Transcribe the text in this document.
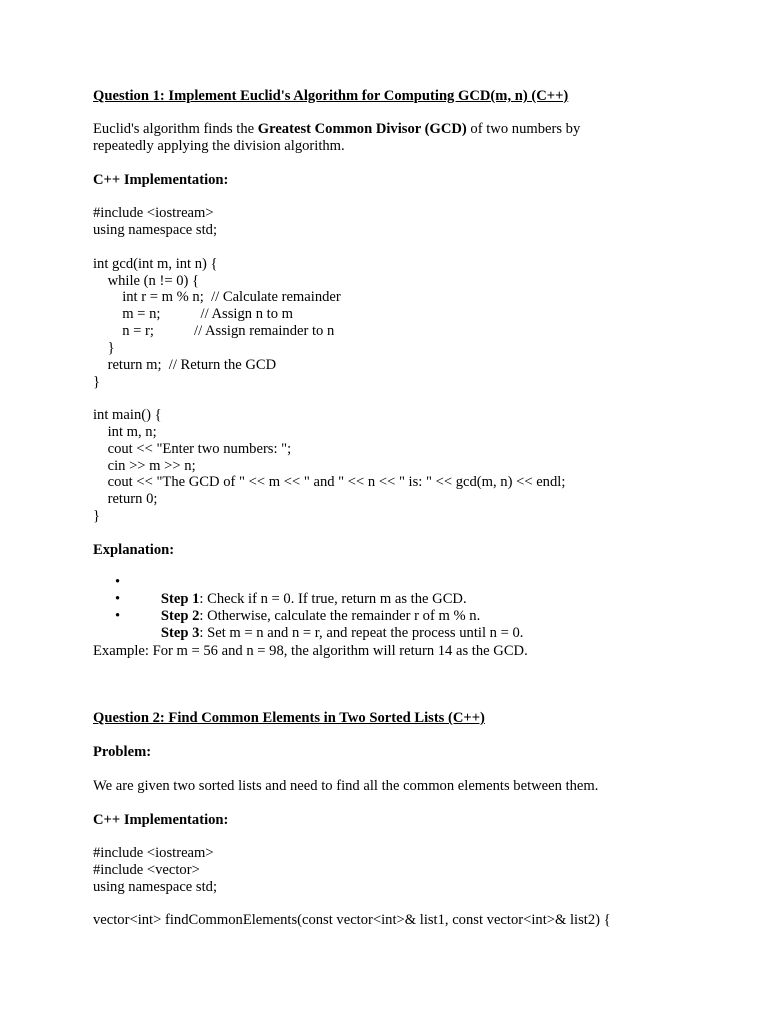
Question 1: Implement Euclid's Algorithm for Computing GCD(m, n) (C++)
Euclid's algorithm finds the Greatest Common Divisor (GCD) of two numbers by
repeatedly applying the division algorithm.
C++ Implementation:
#include <iostream>
using namespace std;
int gcd(int m, int n) {
while (n != 0) {
int r = m % n;  // Calculate remainder
m = n;           // Assign n to m
n = r;           // Assign remainder to n
}
return m;  // Return the GCD
}
int main() {
int m, n;
cout << "Enter two numbers: ";
cin >> m >> n;
cout << "The GCD of " << m << " and " << n << " is: " << gcd(m, n) << endl;
return 0;
}
Explanation:

•
Step 1: Check if n = 0. If true, return m as the GCD.

•
Step 2: Otherwise, calculate the remainder r of m % n.

•
Step 3: Set m = n and n = r, and repeat the process until n = 0.

Example: For m = 56 and n = 98, the algorithm will return 14 as the GCD.
Question 2: Find Common Elements in Two Sorted Lists (C++)
Problem:
We are given two sorted lists and need to find all the common elements between them.
C++ Implementation:
#include <iostream>
#include <vector>
using namespace std;
vector<int> findCommonElements(const vector<int>& list1, const vector<int>& list2) {
